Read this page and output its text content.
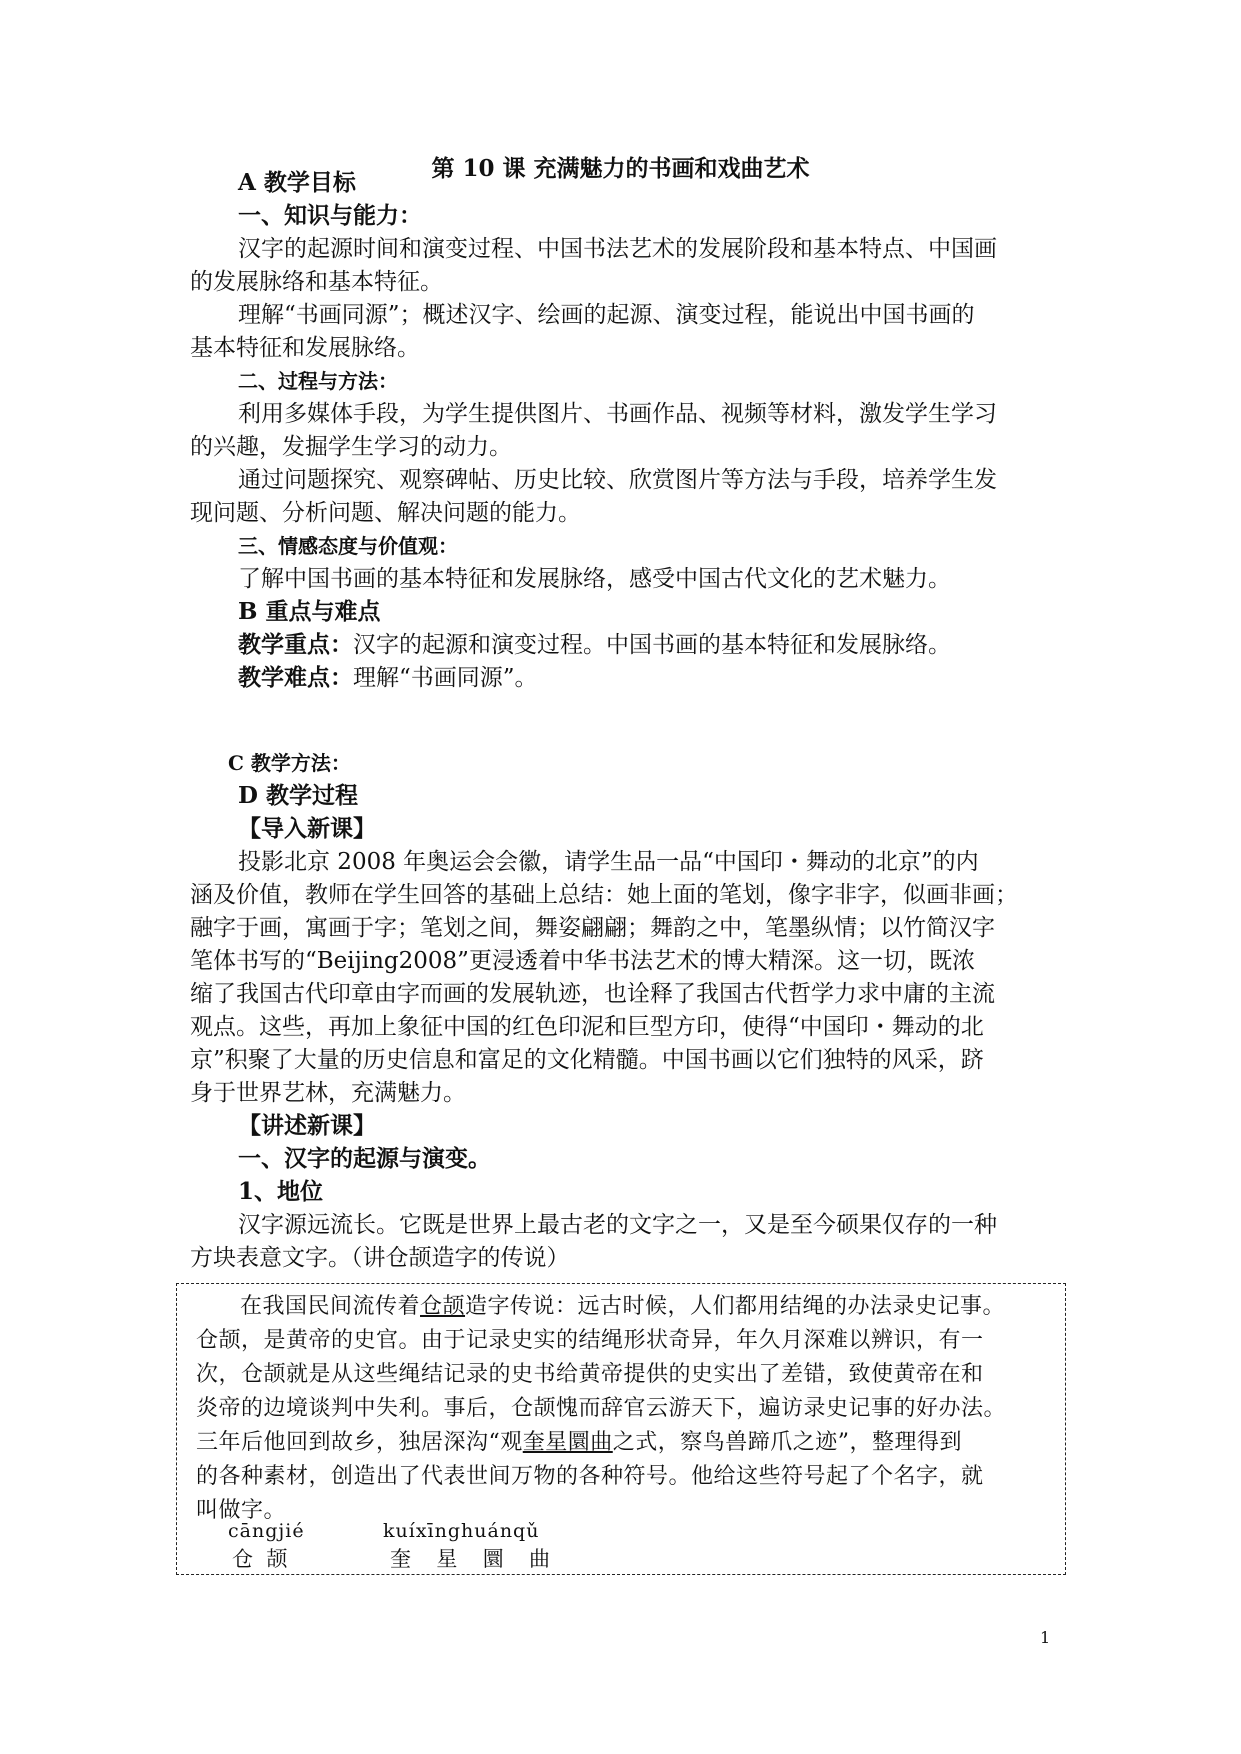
第 10 课 充满魅力的书画和戏曲艺术
A 教学目标
一、知识与能力：
汉字的起源时间和演变过程、中国书法艺术的发展阶段和基本特点、中国画
的发展脉络和基本特征。
理解“书画同源”；概述汉字、绘画的起源、演变过程，能说出中国书画的
基本特征和发展脉络。
二、过程与方法：
利用多媒体手段，为学生提供图片、书画作品、视频等材料，激发学生学习
的兴趣，发掘学生学习的动力。
通过问题探究、观察碑帖、历史比较、欣赏图片等方法与手段，培养学生发
现问题、分析问题、解决问题的能力。
三、情感态度与价值观：
了解中国书画的基本特征和发展脉络，感受中国古代文化的艺术魅力。
B 重点与难点
教学重点：汉字的起源和演变过程。中国书画的基本特征和发展脉络。
教学难点：理解“书画同源”。
C 教学方法：
D 教学过程
【导入新课】
投影北京 2008 年奥运会会徽，请学生品一品“中国印・舞动的北京”的内
涵及价值，教师在学生回答的基础上总结：她上面的笔划，像字非字，似画非画；
融字于画，寓画于字；笔划之间，舞姿翩翩；舞韵之中，笔墨纵情；以竹简汉字
笔体书写的“Beijing2008”更浸透着中华书法艺术的博大精深。这一切，既浓
缩了我国古代印章由字而画的发展轨迹，也诠释了我国古代哲学力求中庸的主流
观点。这些，再加上象征中国的红色印泥和巨型方印，使得“中国印・舞动的北
京”积聚了大量的历史信息和富足的文化精髓。中国书画以它们独特的风采，跻
身于世界艺林，充满魅力。
【讲述新课】
一、汉字的起源与演变。
1、地位
汉字源远流长。它既是世界上最古老的文字之一，又是至今硕果仅存的一种
方块表意文字。（讲仓颉造字的传说）
在我国民间流传着仓颉造字传说：远古时候，人们都用结绳的办法录史记事。
仓颉，是黄帝的史官。由于记录史实的结绳形状奇异，年久月深难以辨识，有一
次，仓颉就是从这些绳结记录的史书给黄帝提供的史实出了差错，致使黄帝在和
炎帝的边境谈判中失利。事后，仓颉愧而辞官云游天下，遍访录史记事的好办法。
三年后他回到故乡，独居深沟“观奎星圜曲之式，察鸟兽蹄爪之迹”，整理得到
的各种素材，创造出了代表世间万物的各种符号。他给这些符号起了个名字，就
叫做字。
cāngjié	kuíxīnghuánqǔ
仓  颉	奎  星  圜  曲
1
